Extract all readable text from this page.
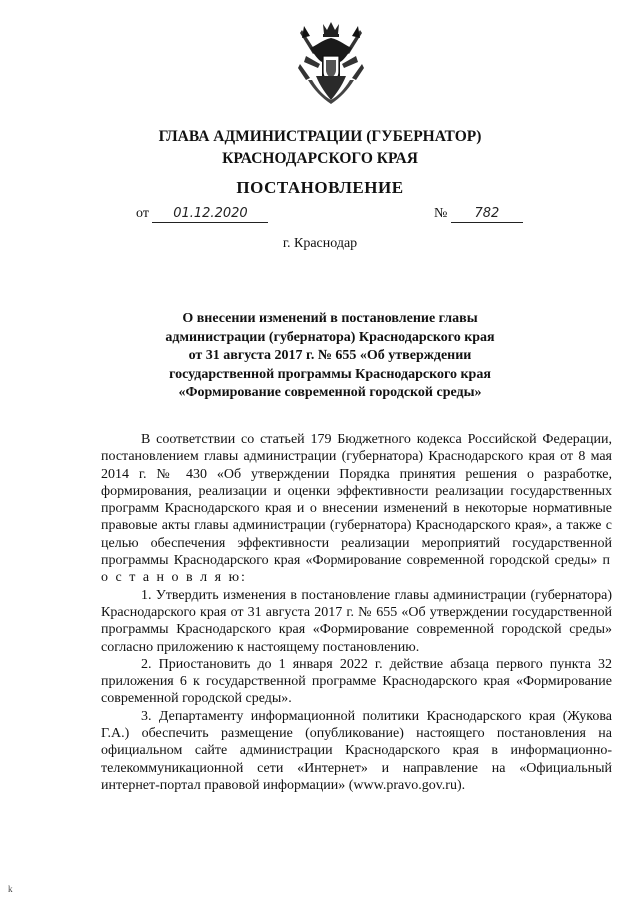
ГЛАВА АДМИНИСТРАЦИИ (ГУБЕРНАТОР)
КРАСНОДАРСКОГО КРАЯ
ПОСТАНОВЛЕНИЕ
от 01.12.2020	№ 782
г. Краснодар
О внесении изменений в постановление главы
администрации (губернатора) Краснодарского края
от 31 августа 2017 г. № 655 «Об утверждении
государственной программы Краснодарского края
«Формирование современной городской среды»

В соответствии со статьей 179 Бюджетного кодекса Российской Федерации, постановлением главы администрации (губернатора) Краснодарского края от 8 мая 2014 г. № 430 «Об утверждении Порядка принятия решения о разработке, формирования, реализации и оценки эффективности реализации государственных программ Краснодарского края и о внесении изменений в некоторые нормативные правовые акты главы администрации (губернатора) Краснодарского края», а также с целью обеспечения эффективности реализации мероприятий государственной программы Краснодарского края «Формирование современной городской среды» п о с т а н о в л я ю:

1. Утвердить изменения в постановление главы администрации (губернатора) Краснодарского края от 31 августа 2017 г. № 655 «Об утверждении государственной программы Краснодарского края «Формирование современной городской среды» согласно приложению к настоящему постановлению.

2. Приостановить до 1 января 2022 г. действие абзаца первого пункта 32 приложения 6 к государственной программе Краснодарского края «Формирование современной городской среды».

3. Департаменту информационной политики Краснодарского края (Жукова Г.А.) обеспечить размещение (опубликование) настоящего постановления на официальном сайте администрации Краснодарского края в информационно-телекоммуникационной сети «Интернет» и направление на «Официальный интернет-портал правовой информации» (www.pravo.gov.ru).

k
